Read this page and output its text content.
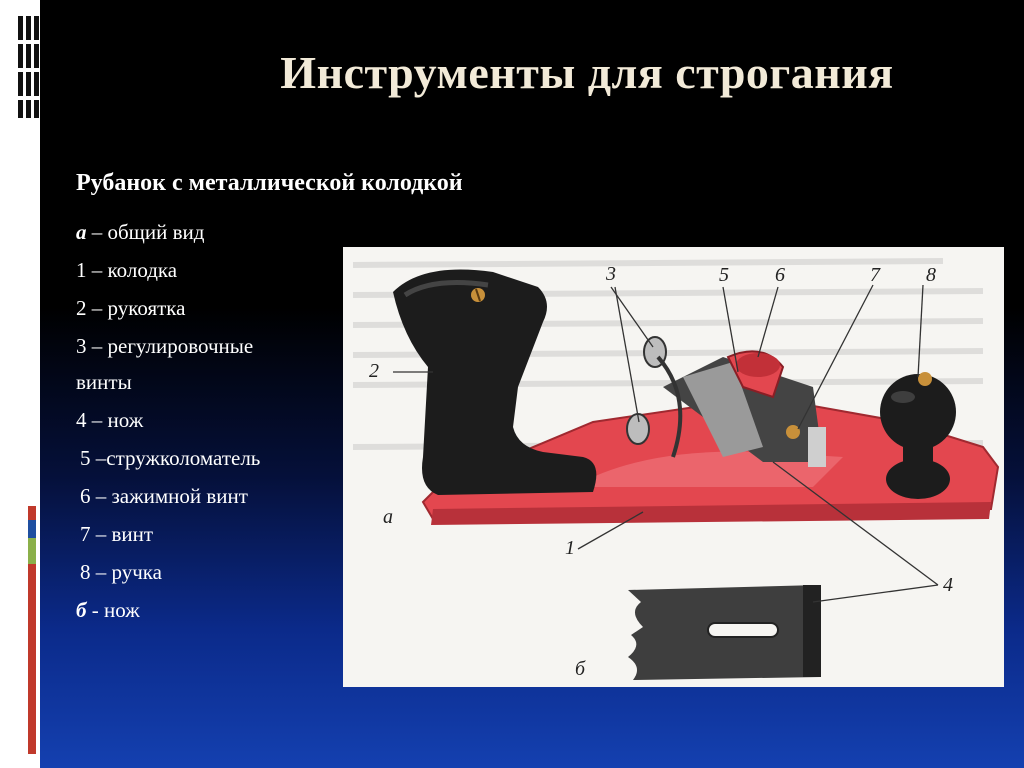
Инструменты для строгания
Рубанок с металлической колодкой
а – общий вид
1 – колодка
2 – рукоятка
3 – регулировочные
винты
4 – нож
5 –стружколоматель
6 – зажимной винт
7 – винт
8 – ручка
б - нож
2
3	5 6	7 8
а
1
4
б
